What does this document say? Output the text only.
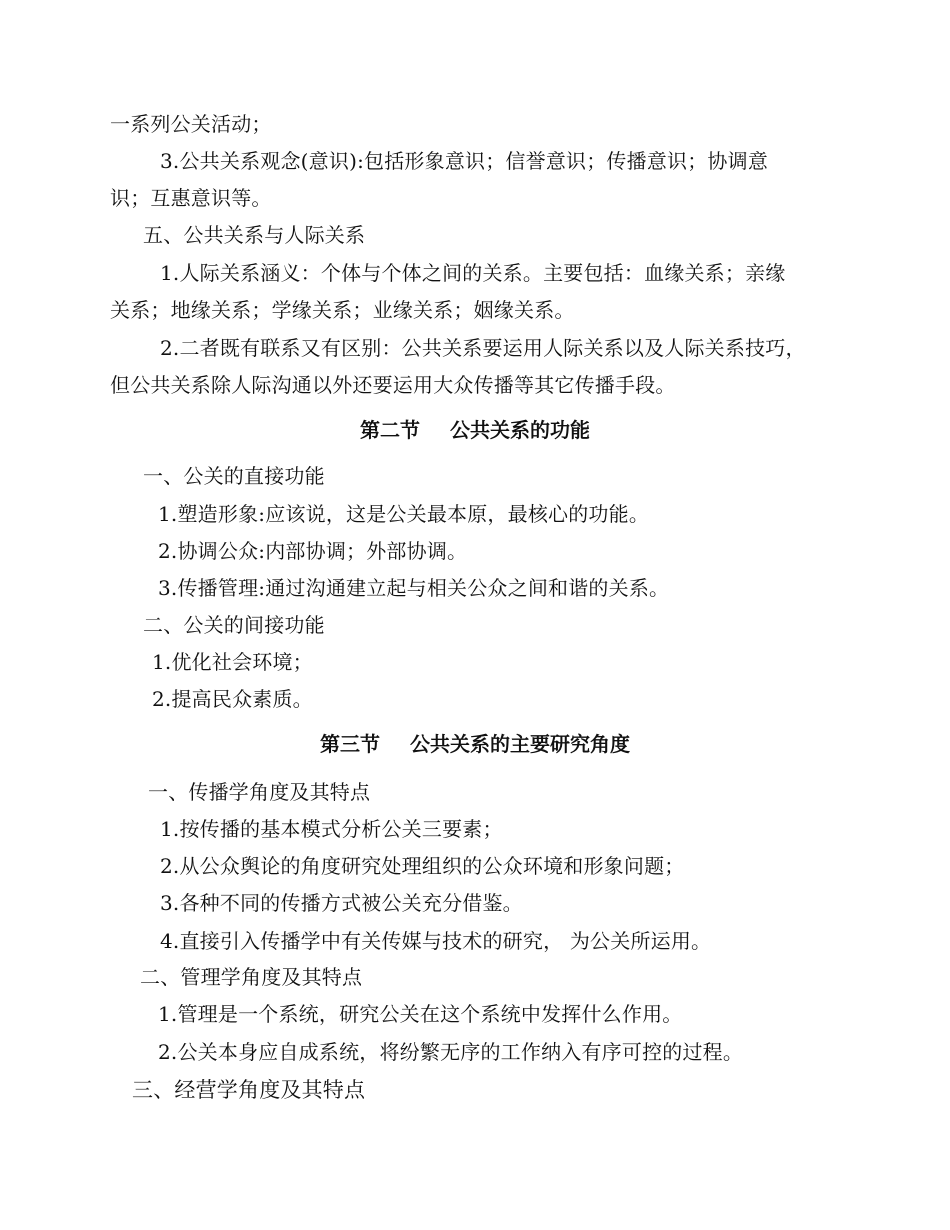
一系列公关活动；
3.公共关系观念(意识):包括形象意识；信誉意识；传播意识；协调意
识；互惠意识等。
五、公共关系与人际关系
1.人际关系涵义：个体与个体之间的关系。主要包括：血缘关系；亲缘
关系；地缘关系；学缘关系；业缘关系；姻缘关系。
2.二者既有联系又有区别：公共关系要运用人际关系以及人际关系技巧，
但公共关系除人际沟通以外还要运用大众传播等其它传播手段。
第二节 公共关系的功能
一、公关的直接功能
1.塑造形象:应该说，这是公关最本原，最核心的功能。
2.协调公众:内部协调；外部协调。
3.传播管理:通过沟通建立起与相关公众之间和谐的关系。
二、公关的间接功能
1.优化社会环境；
2.提高民众素质。
第三节 公共关系的主要研究角度
一、传播学角度及其特点
1.按传播的基本模式分析公关三要素；
2.从公众舆论的角度研究处理组织的公众环境和形象问题；
3.各种不同的传播方式被公关充分借鉴。
4.直接引入传播学中有关传媒与技术的研究， 为公关所运用。
二、管理学角度及其特点
1.管理是一个系统，研究公关在这个系统中发挥什么作用。
2.公关本身应自成系统，将纷繁无序的工作纳入有序可控的过程。
三、经营学角度及其特点
